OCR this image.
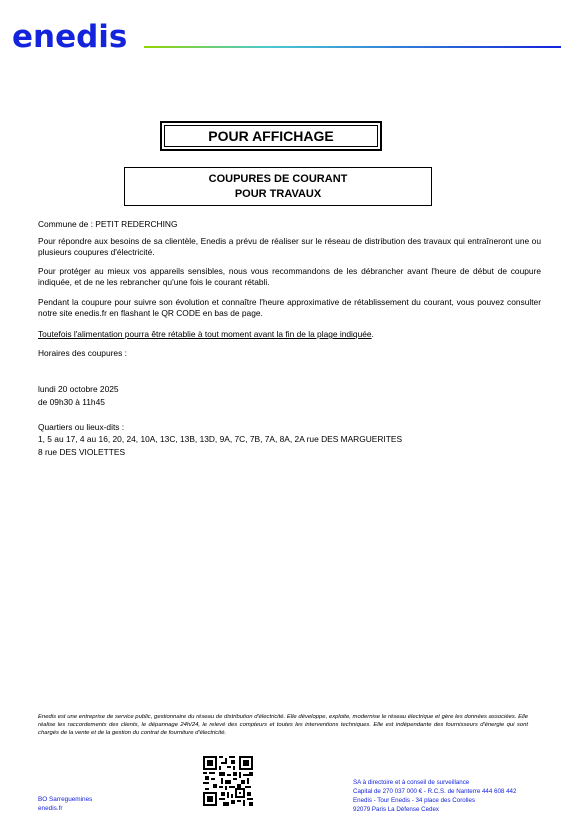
enedis
POUR AFFICHAGE
COUPURES DE COURANT
POUR TRAVAUX
Commune de : PETIT REDERCHING
Pour répondre aux besoins de sa clientèle, Enedis a prévu de réaliser sur le réseau de distribution des travaux qui entraîneront une ou plusieurs coupures d'électricité.
Pour protéger au mieux vos appareils sensibles, nous vous recommandons de les débrancher avant l'heure de début de coupure indiquée, et de ne les rebrancher qu'une fois le courant rétabli.
Pendant la coupure pour suivre son évolution et connaître l'heure approximative de rétablissement du courant, vous pouvez consulter notre site enedis.fr en flashant le QR CODE en bas de page.
Toutefois l'alimentation pourra être rétablie à tout moment avant la fin de la plage indiquée.
Horaires des coupures :
lundi 20 octobre 2025
de 09h30 à 11h45
Quartiers ou lieux-dits :
1, 5 au 17, 4 au 16, 20, 24, 10A, 13C, 13B, 13D, 9A, 7C, 7B, 7A, 8A, 2A rue DES MARGUERITES
8 rue DES VIOLETTES
Enedis est une entreprise de service public, gestionnaire du réseau de distribution d'électricité. Elle développe, exploite, modernise le réseau électrique et gère les données associées. Elle réalise les raccordements des clients, le dépannage 24h/24, le relevé des compteurs et toutes les interventions techniques. Elle est indépendante des fournisseurs d'énergie qui sont chargés de la vente et de la gestion du contrat de fourniture d'électricité.
BO Sarreguemines
enedis.fr
SA à directoire et à conseil de surveillance
Capital de 270 037 000 € - R.C.S. de Nanterre 444 608 442
Enedis - Tour Enedis - 34 place des Corolles
92079 Paris La Défense Cedex
